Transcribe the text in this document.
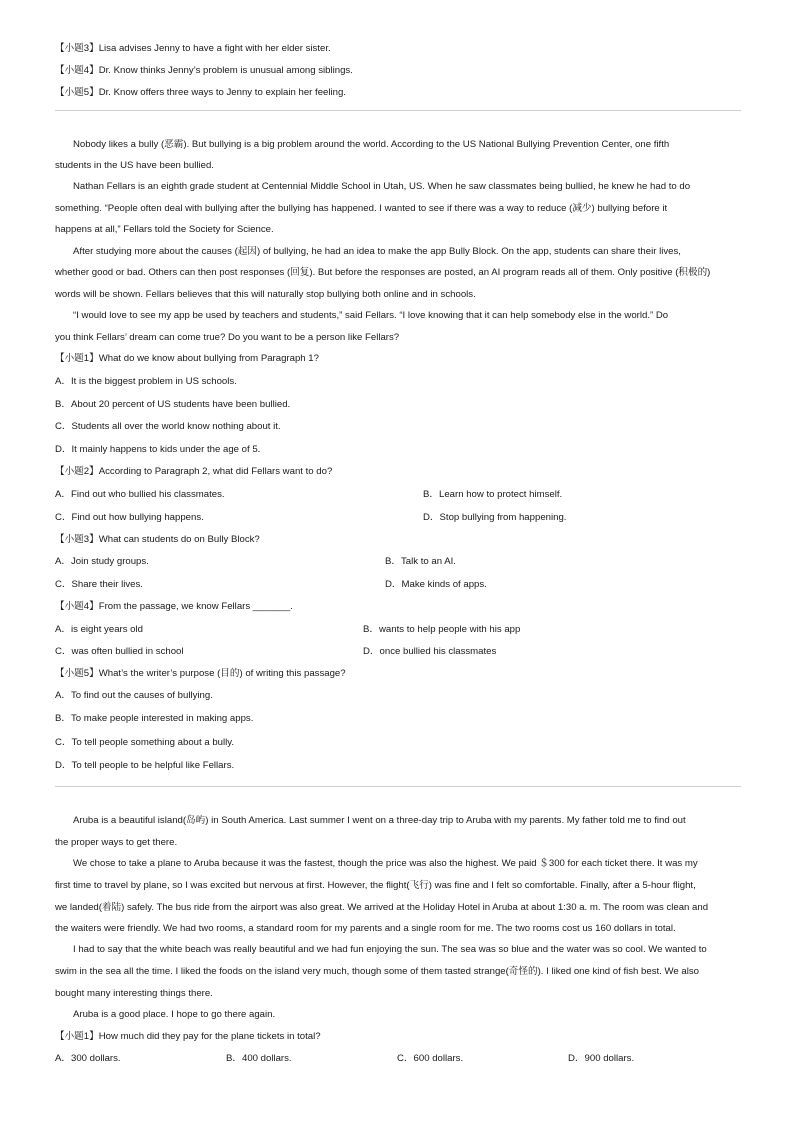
【小题3】Lisa advises Jenny to have a fight with her elder sister.
【小题4】Dr. Know thinks Jenny’s problem is unusual among siblings.
【小题5】Dr. Know offers three ways to Jenny to explain her feeling.
Nobody likes a bully (恶霸). But bullying is a big problem around the world. According to the US National Bullying Prevention Center, one fifth
students in the US have been bullied.
Nathan Fellars is an eighth grade student at Centennial Middle School in Utah, US. When he saw classmates being bullied, he knew he had to do
something. “People often deal with bullying after the bullying has happened. I wanted to see if there was a way to reduce (减少) bullying before it
happens at all,” Fellars told the Society for Science.
After studying more about the causes (起因) of bullying, he had an idea to make the app Bully Block. On the app, students can share their lives,
whether good or bad. Others can then post responses (回复). But before the responses are posted, an AI program reads all of them. Only positive (积极的)
words will be shown. Fellars believes that this will naturally stop bullying both online and in schools.
“I would love to see my app be used by teachers and students,” said Fellars. “I love knowing that it can help somebody else in the world.” Do
you think Fellars’ dream can come true? Do you want to be a person like Fellars?
【小题1】What do we know about bullying from Paragraph 1?
A．It is the biggest problem in US schools.
B．About 20 percent of US students have been bullied.
C．Students all over the world know nothing about it.
D．It mainly happens to kids under the age of 5.
【小题2】According to Paragraph 2, what did Fellars want to do?
A．Find out who bullied his classmates.	B．Learn how to protect himself.
C．Find out how bullying happens.	D．Stop bullying from happening.
【小题3】What can students do on Bully Block?
A．Join study groups.	B．Talk to an AI.
C．Share their lives.	D．Make kinds of apps.
【小题4】From the passage, we know Fellars _______.
A．is eight years old	B．wants to help people with his app
C．was often bullied in school	D．once bullied his classmates
【小题5】What’s the writer’s purpose (目的) of writing this passage?
A．To find out the causes of bullying.
B．To make people interested in making apps.
C．To tell people something about a bully.
D．To tell people to be helpful like Fellars.
Aruba is a beautiful island(岛屿) in South America. Last summer I went on a three-day trip to Aruba with my parents. My father told me to find out
the proper ways to get there.
We chose to take a plane to Aruba because it was the fastest, though the price was also the highest. We paid ＄300 for each ticket there. It was my
first time to travel by plane, so I was excited but nervous at first. However, the flight(飞行) was fine and I felt so comfortable. Finally, after a 5-hour flight,
we landed(着陆) safely. The bus ride from the airport was also great. We arrived at the Holiday Hotel in Aruba at about 1:30 a. m. The room was clean and
the waiters were friendly. We had two rooms, a standard room for my parents and a single room for me. The two rooms cost us 160 dollars in total.
I had to say that the white beach was really beautiful and we had fun enjoying the sun. The sea was so blue and the water was so cool. We wanted to
swim in the sea all the time. I liked the foods on the island very much, though some of them tasted strange(奇怪的). I liked one kind of fish best. We also
bought many interesting things there.
Aruba is a good place. I hope to go there again.
【小题1】How much did they pay for the plane tickets in total?
A．300 dollars.	B．400 dollars.	C．600 dollars.	D．900 dollars.
